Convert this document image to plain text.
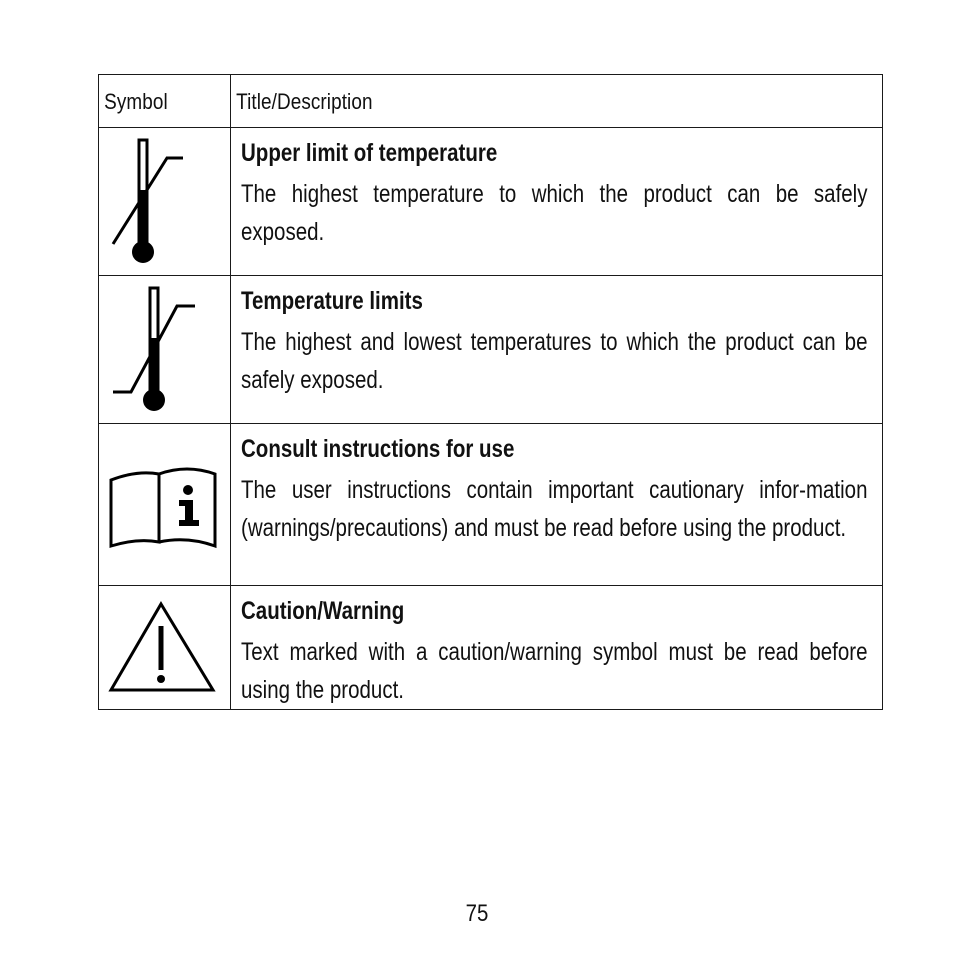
Symbol	Title/Description

Upper limit of temperature
The highest temperature to which the product can be safely exposed.

Temperature limits
The highest and lowest temperatures to which the product can be safely exposed.

Consult instructions for use
The user instructions contain important cautionary infor-mation (warnings/precautions) and must be read before using the product.

Caution/Warning
Text marked with a caution/warning symbol must be read before using the product.
75
